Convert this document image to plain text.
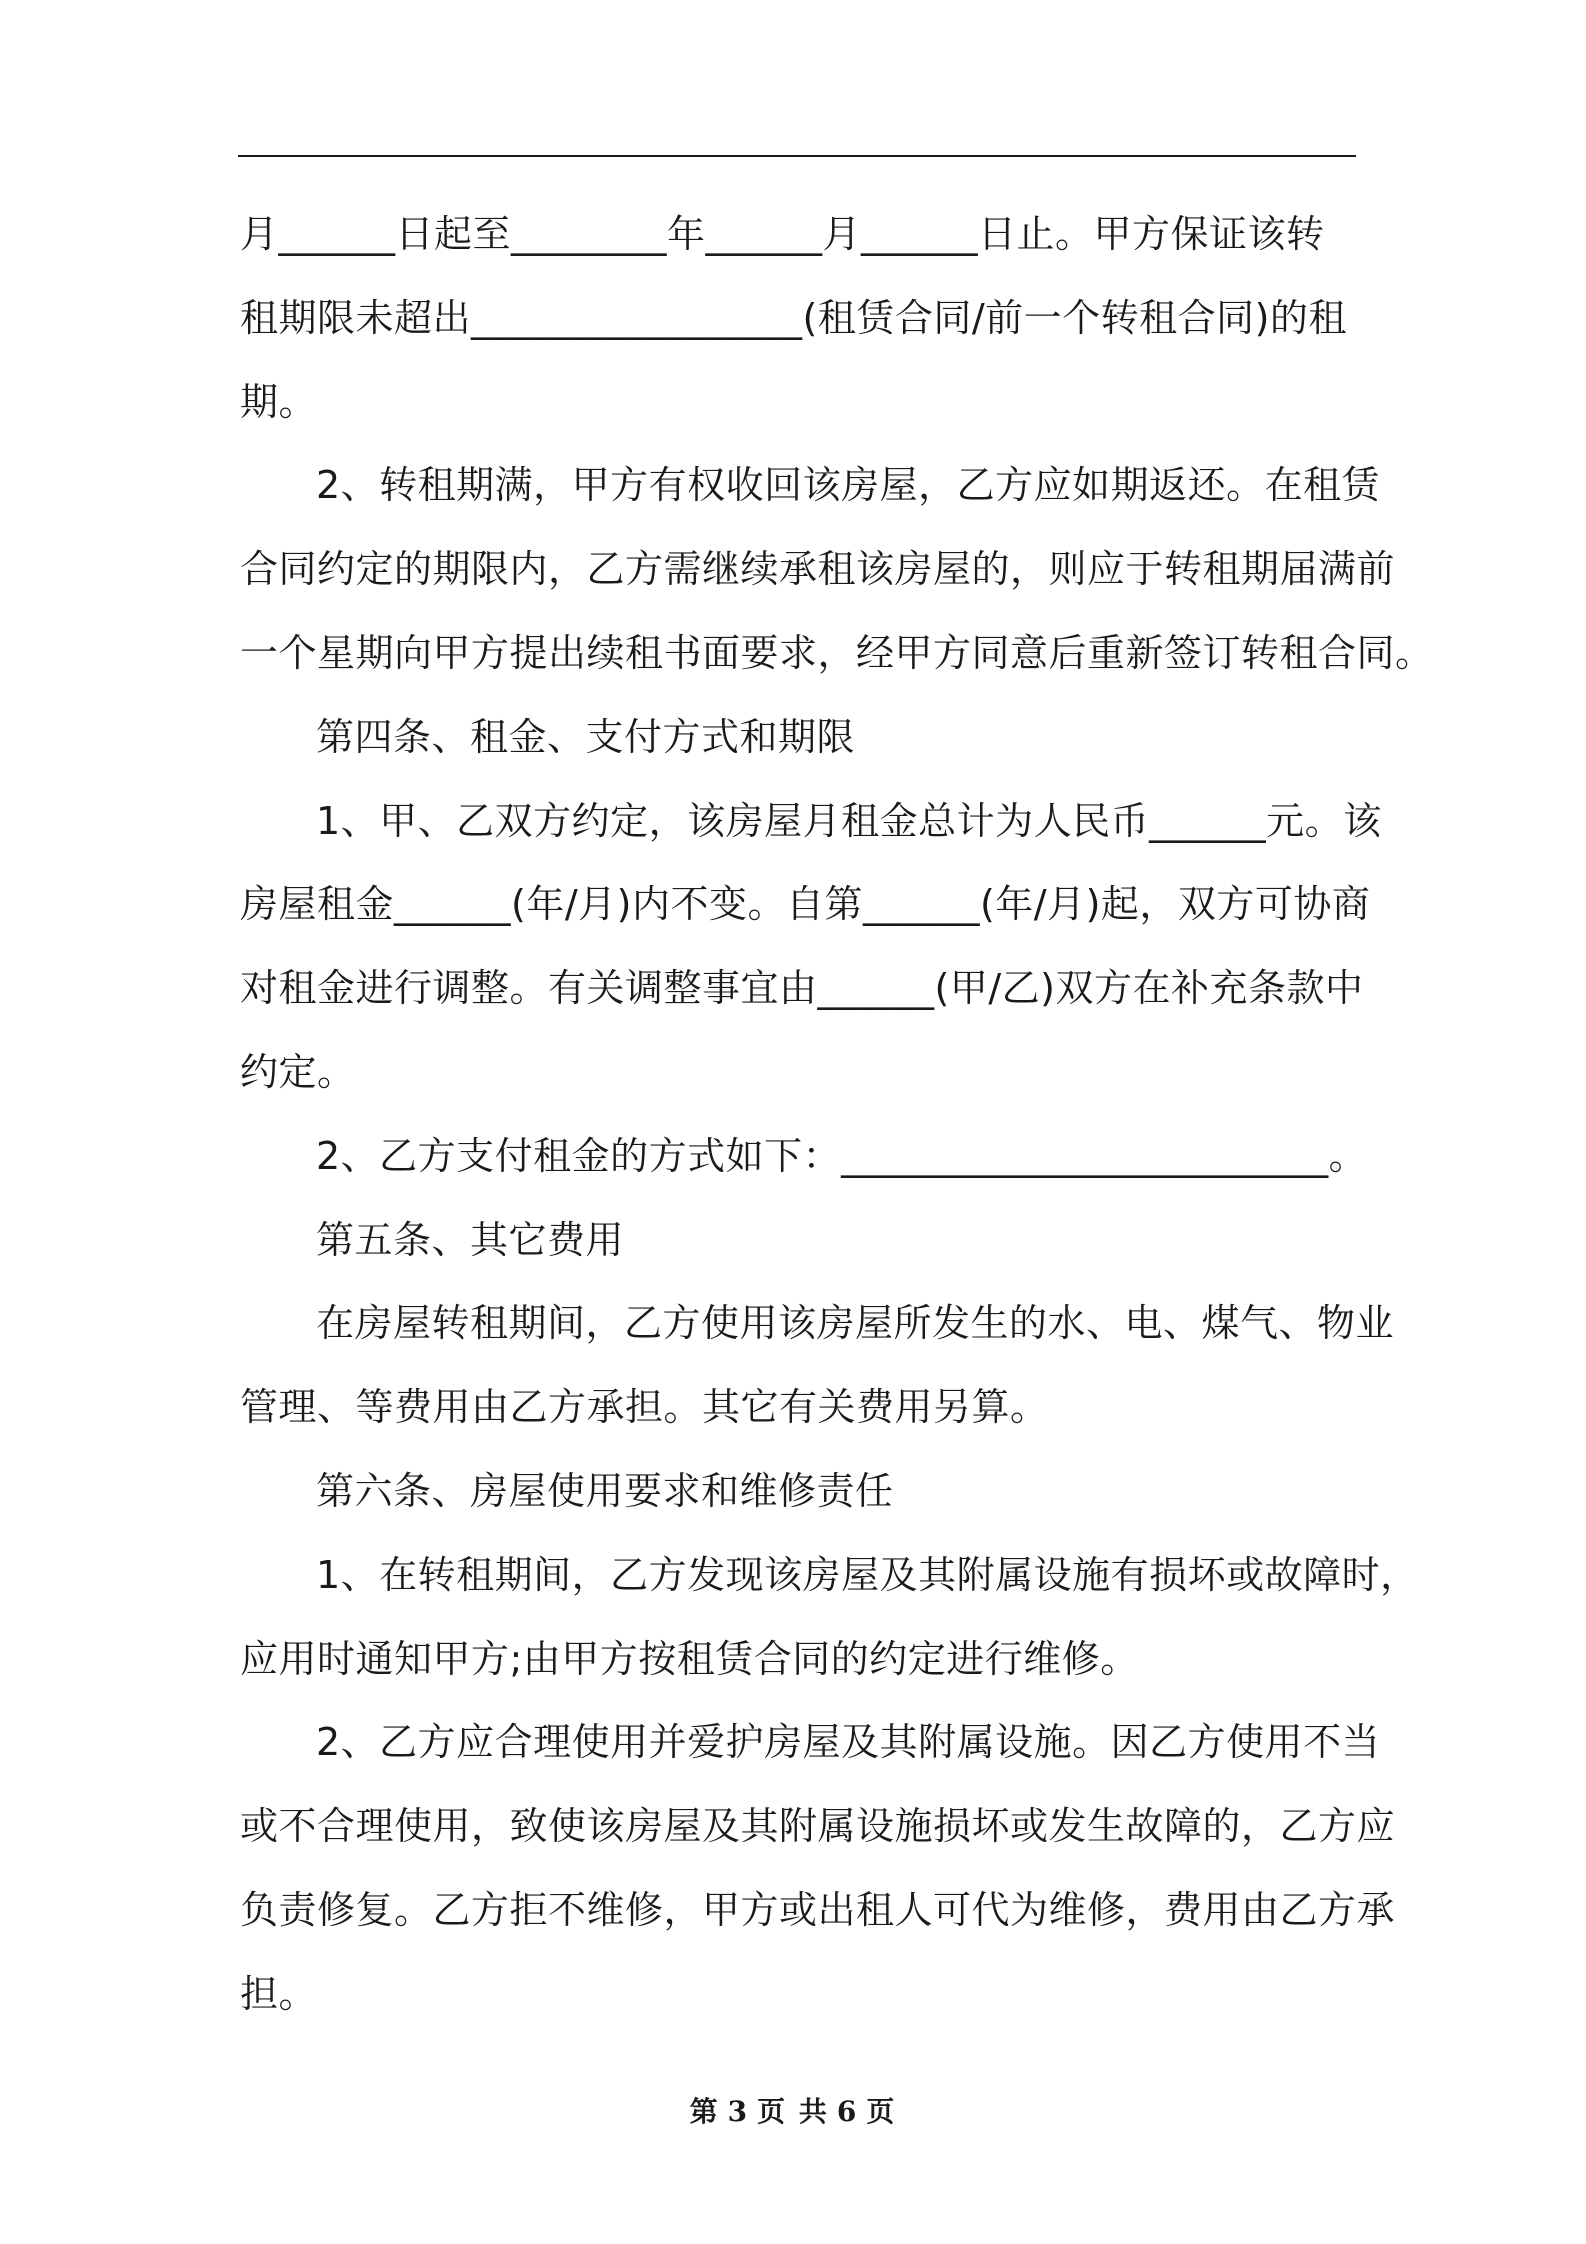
月______日起至________年______月______日止。甲方保证该转
租期限未超出_________________(租赁合同/前一个转租合同)的租
期。
2、转租期满，甲方有权收回该房屋，乙方应如期返还。在租赁
合同约定的期限内，乙方需继续承租该房屋的，则应于转租期届满前
一个星期向甲方提出续租书面要求，经甲方同意后重新签订转租合同。
第四条、租金、支付方式和期限
1、甲、乙双方约定，该房屋月租金总计为人民币______元。该
房屋租金______(年/月)内不变。自第______(年/月)起，双方可协商
对租金进行调整。有关调整事宜由______(甲/乙)双方在补充条款中
约定。
2、乙方支付租金的方式如下：_________________________。
第五条、其它费用
在房屋转租期间，乙方使用该房屋所发生的水、电、煤气、物业
管理、等费用由乙方承担。其它有关费用另算。
第六条、房屋使用要求和维修责任
1、在转租期间，乙方发现该房屋及其附属设施有损坏或故障时，
应用时通知甲方;由甲方按租赁合同的约定进行维修。
2、乙方应合理使用并爱护房屋及其附属设施。因乙方使用不当
或不合理使用，致使该房屋及其附属设施损坏或发生故障的，乙方应
负责修复。乙方拒不维修，甲方或出租人可代为维修，费用由乙方承
担。
第 3 页 共 6 页
